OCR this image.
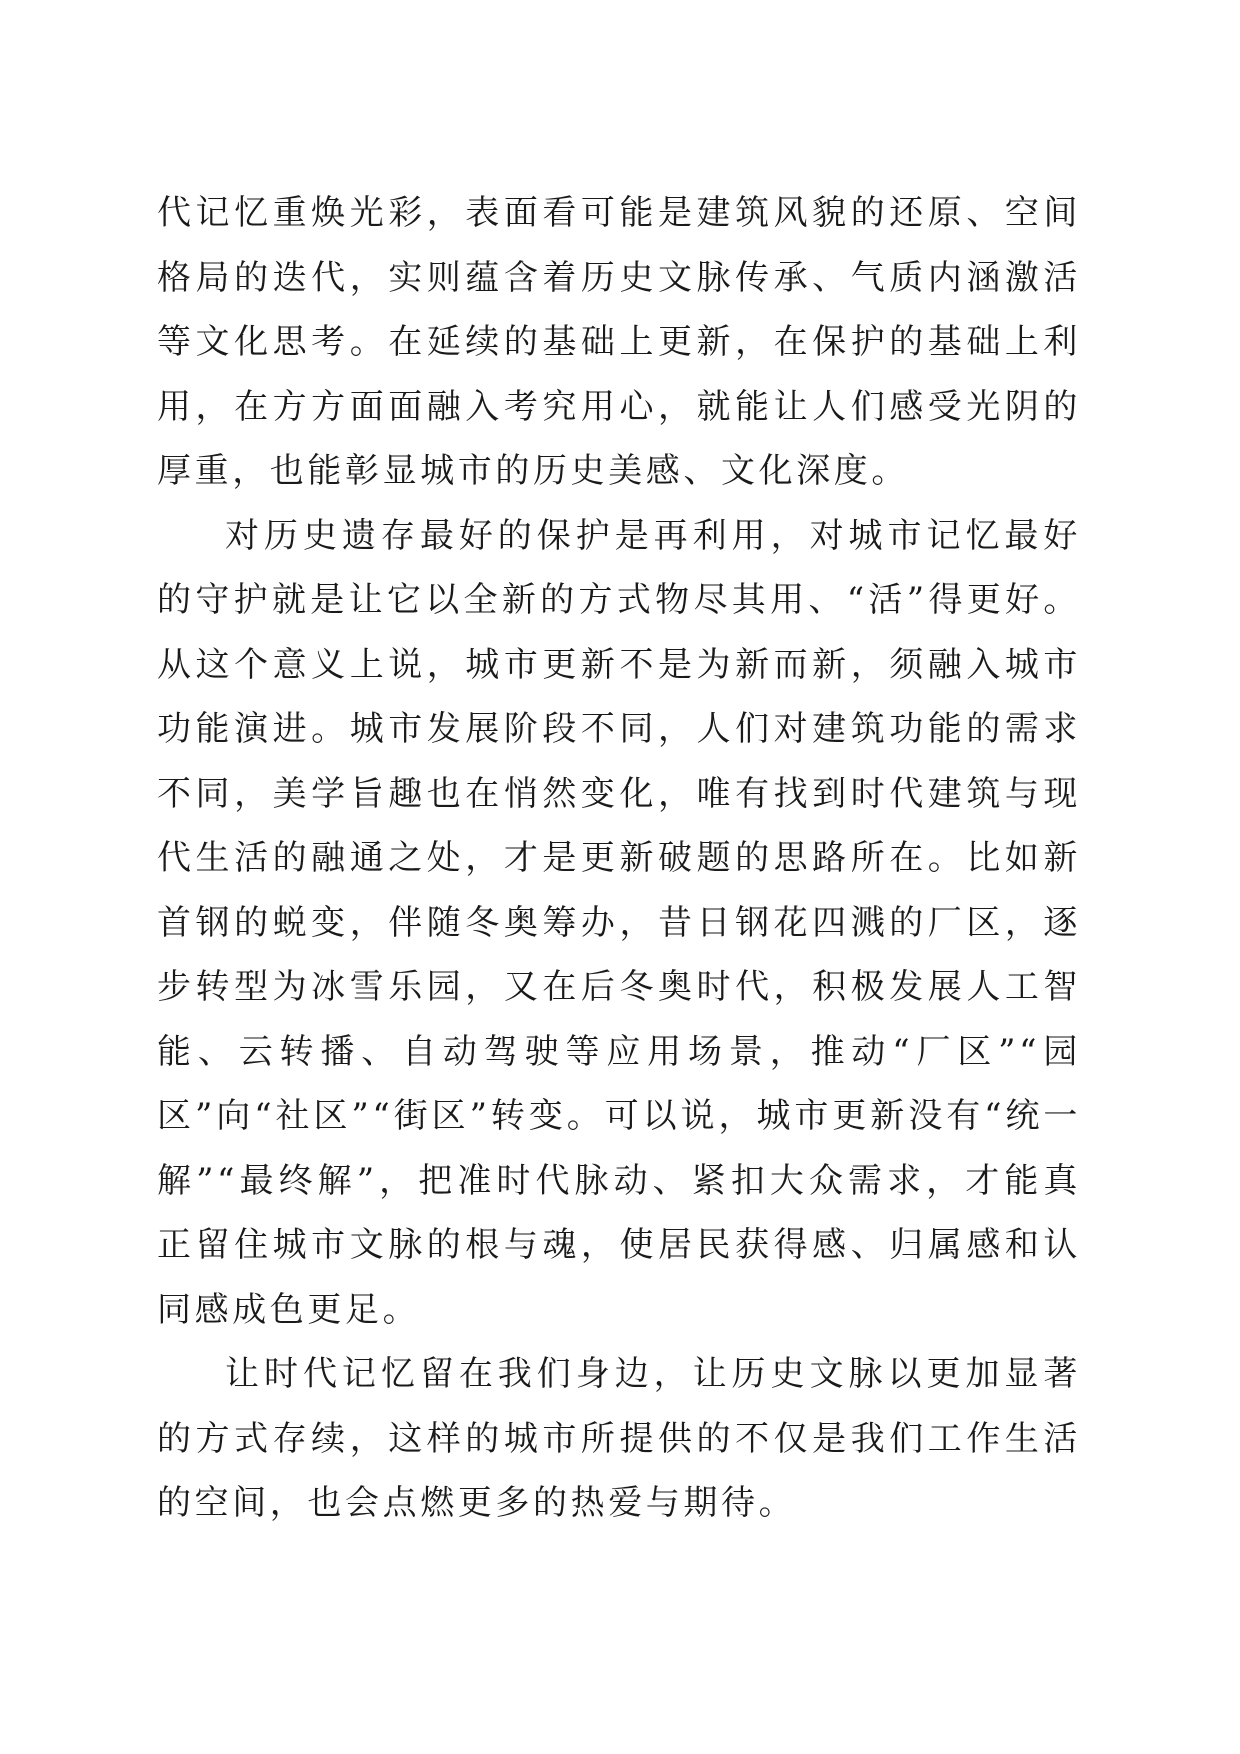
代记忆重焕光彩，表面看可能是建筑风貌的还原、空间格局的迭代，实则蕴含着历史文脉传承、气质内涵激活等文化思考。在延续的基础上更新，在保护的基础上利用，在方方面面融入考究用心，就能让人们感受光阴的厚重，也能彰显城市的历史美感、文化深度。

对历史遗存最好的保护是再利用，对城市记忆最好的守护就是让它以全新的方式物尽其用、“活”得更好。从这个意义上说，城市更新不是为新而新，须融入城市功能演进。城市发展阶段不同，人们对建筑功能的需求不同，美学旨趣也在悄然变化，唯有找到时代建筑与现代生活的融通之处，才是更新破题的思路所在。比如新首钢的蜕变，伴随冬奥筹办，昔日钢花四溅的厂区，逐步转型为冰雪乐园，又在后冬奥时代，积极发展人工智能、云转播、自动驾驶等应用场景，推动“厂区”“园区”向“社区”“街区”转变。可以说，城市更新没有“统一解”“最终解”，把准时代脉动、紧扣大众需求，才能真正留住城市文脉的根与魂，使居民获得感、归属感和认同感成色更足。

让时代记忆留在我们身边，让历史文脉以更加显著的方式存续，这样的城市所提供的不仅是我们工作生活的空间，也会点燃更多的热爱与期待。
